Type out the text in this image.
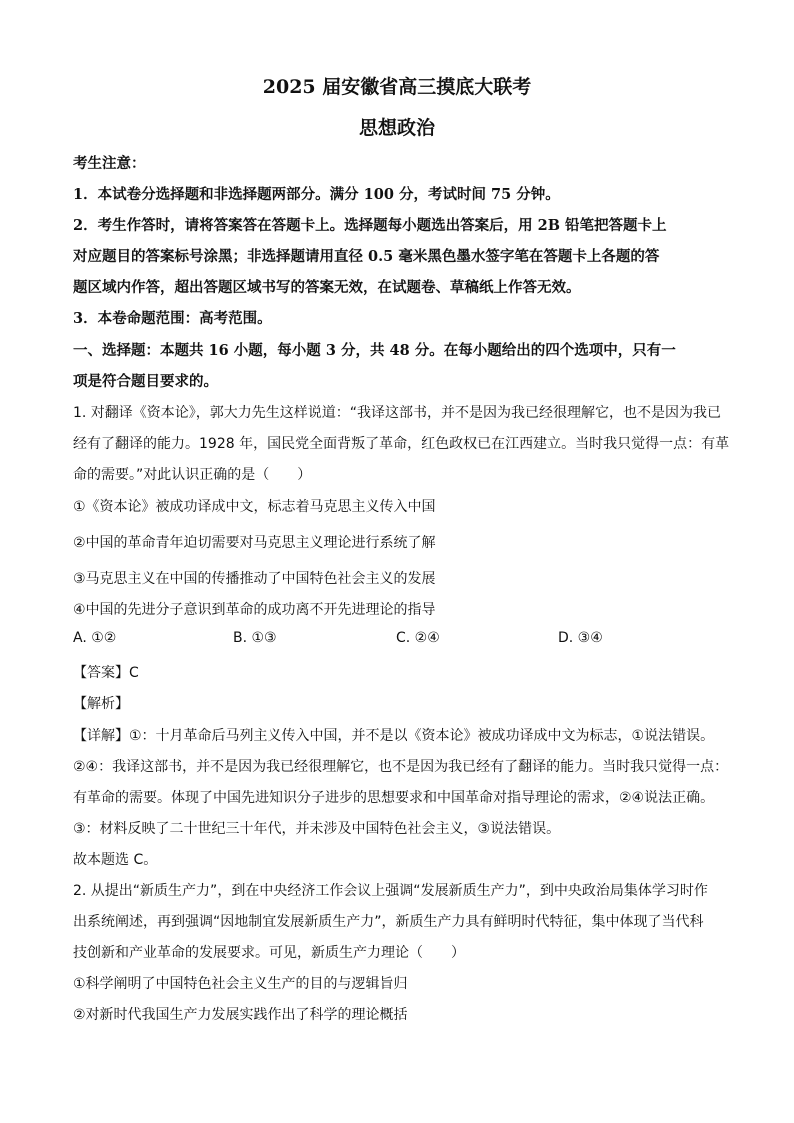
2025 届安徽省高三摸底大联考
思想政治
考生注意：
1．本试卷分选择题和非选择题两部分。满分 100 分，考试时间 75 分钟。
2．考生作答时，请将答案答在答题卡上。选择题每小题选出答案后，用 2B 铅笔把答题卡上
对应题目的答案标号涂黑；非选择题请用直径 0.5 毫米黑色墨水签字笔在答题卡上各题的答
题区域内作答，超出答题区域书写的答案无效，在试题卷、草稿纸上作答无效。
3．本卷命题范围：高考范围。
一、选择题：本题共 16 小题，每小题 3 分，共 48 分。在每小题给出的四个选项中，只有一
项是符合题目要求的。
1. 对翻译《资本论》，郭大力先生这样说道：“我译这部书，并不是因为我已经很理解它，也不是因为我已
经有了翻译的能力。1928 年，国民党全面背叛了革命，红色政权已在江西建立。当时我只觉得一点：有革
命的需要。”对此认识正确的是（　　）
①《资本论》被成功译成中文，标志着马克思主义传入中国
②中国的革命青年迫切需要对马克思主义理论进行系统了解
③马克思主义在中国的传播推动了中国特色社会主义的发展
④中国的先进分子意识到革命的成功离不开先进理论的指导
A. ①②	B. ①③	C. ②④	D. ③④
【答案】C
【解析】
【详解】①：十月革命后马列主义传入中国，并不是以《资本论》被成功译成中文为标志，①说法错误。
②④：我译这部书，并不是因为我已经很理解它，也不是因为我已经有了翻译的能力。当时我只觉得一点：
有革命的需要。体现了中国先进知识分子进步的思想要求和中国革命对指导理论的需求，②④说法正确。
③：材料反映了二十世纪三十年代，并未涉及中国特色社会主义，③说法错误。
故本题选 C。
2. 从提出“新质生产力”，到在中央经济工作会议上强调“发展新质生产力”，到中央政治局集体学习时作
出系统阐述，再到强调“因地制宜发展新质生产力”，新质生产力具有鲜明时代特征，集中体现了当代科
技创新和产业革命的发展要求。可见，新质生产力理论（　　）
①科学阐明了中国特色社会主义生产的目的与逻辑旨归
②对新时代我国生产力发展实践作出了科学的理论概括
